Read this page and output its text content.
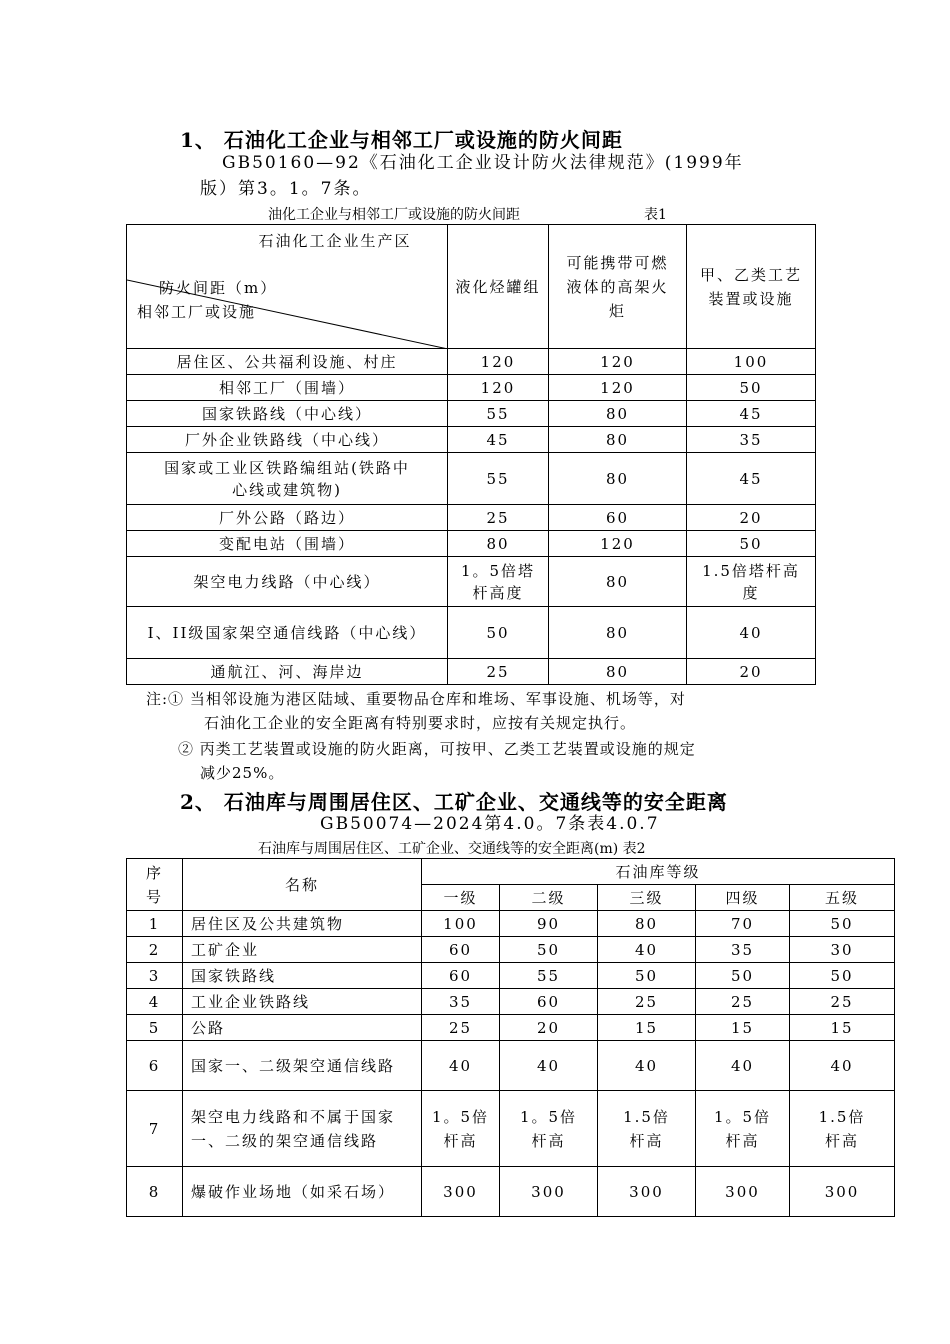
1、 石油化工企业与相邻工厂或设施的防火间距
GB50160—92《石油化工企业设计防火法律规范》(1999年
版）第3。1。7条。
油化工企业与相邻工厂或设施的防火间距	表1
石油化工企业生产区
防火间距（m）
相邻工厂或设施	液化烃罐组	可能携带可燃液体的高架火炬	甲、乙类工艺装置或设施
居住区、公共福利设施、村庄	120	120	100
相邻工厂（围墙）	120	120	50
国家铁路线（中心线）	55	80	45
厂外企业铁路线（中心线）	45	80	35
国家或工业区铁路编组站(铁路中心线或建筑物)	55	80	45
厂外公路（路边）	25	60	20
变配电站（围墙）	80	120	50
架空电力线路（中心线）	1。5倍塔杆高度	80	1.5倍塔杆高度
I、II级国家架空通信线路（中心线）	50	80	40
通航江、河、海岸边	25	80	20
注:① 当相邻设施为港区陆域、重要物品仓库和堆场、军事设施、机场等，对
石油化工企业的安全距离有特别要求时，应按有关规定执行。
② 丙类工艺装置或设施的防火距离，可按甲、乙类工艺装置或设施的规定
减少25%。
2、 石油库与周围居住区、工矿企业、交通线等的安全距离
GB50074—2024第4.0。7条表4.0.7
石油库与周围居住区、工矿企业、交通线等的安全距离(m) 表2
序号	名称	石油库等级				
		一级	二级	三级	四级	五级
1	居住区及公共建筑物	100	90	80	70	50
2	工矿企业	60	50	40	35	30
3	国家铁路线	60	55	50	50	50
4	工业企业铁路线	35	60	25	25	25
5	公路	25	20	15	15	15
6	国家一、二级架空通信线路	40	40	40	40	40
7	架空电力线路和不属于国家一、二级的架空通信线路	1。5倍杆高	1。5倍杆高	1.5倍杆高	1。5倍杆高	1.5倍杆高
8	爆破作业场地（如采石场）	300	300	300	300	300
